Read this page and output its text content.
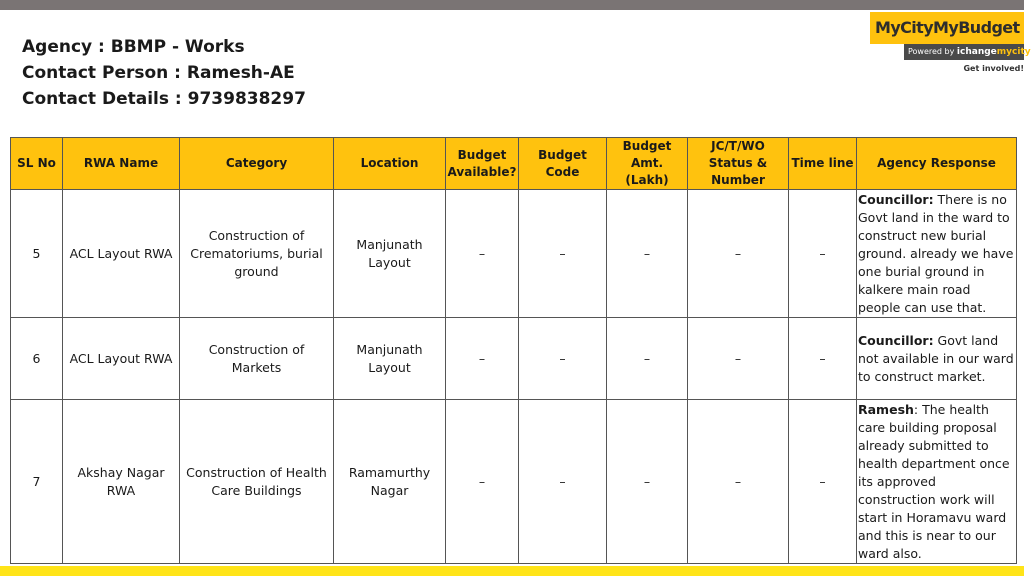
Agency : BBMP - Works
Contact Person : Ramesh-AE
Contact Details : 9739838297
MyCityMyBudget
Powered by ichangemycity
Get involved!
SL No	RWA Name	Category	Location	Budget Available?	Budget Code	Budget Amt. (Lakh)	JC/T/WO Status & Number	Time line	Agency Response
5	ACL Layout RWA	Construction of Crematoriums, burial ground	Manjunath Layout	–	–	–	–	–	Councillor: There is no Govt land in the ward to construct new burial ground. already we have one burial ground in kalkere main road people can use that.
6	ACL Layout RWA	Construction of Markets	Manjunath Layout	–	–	–	–	–	Councillor: Govt land not available in our ward to construct market.
7	Akshay Nagar RWA	Construction of Health Care Buildings	Ramamurthy Nagar	–	–	–	–	–	Ramesh: The health care building proposal already submitted to health department once its approved construction work will start in Horamavu ward and this is near to our ward also.
